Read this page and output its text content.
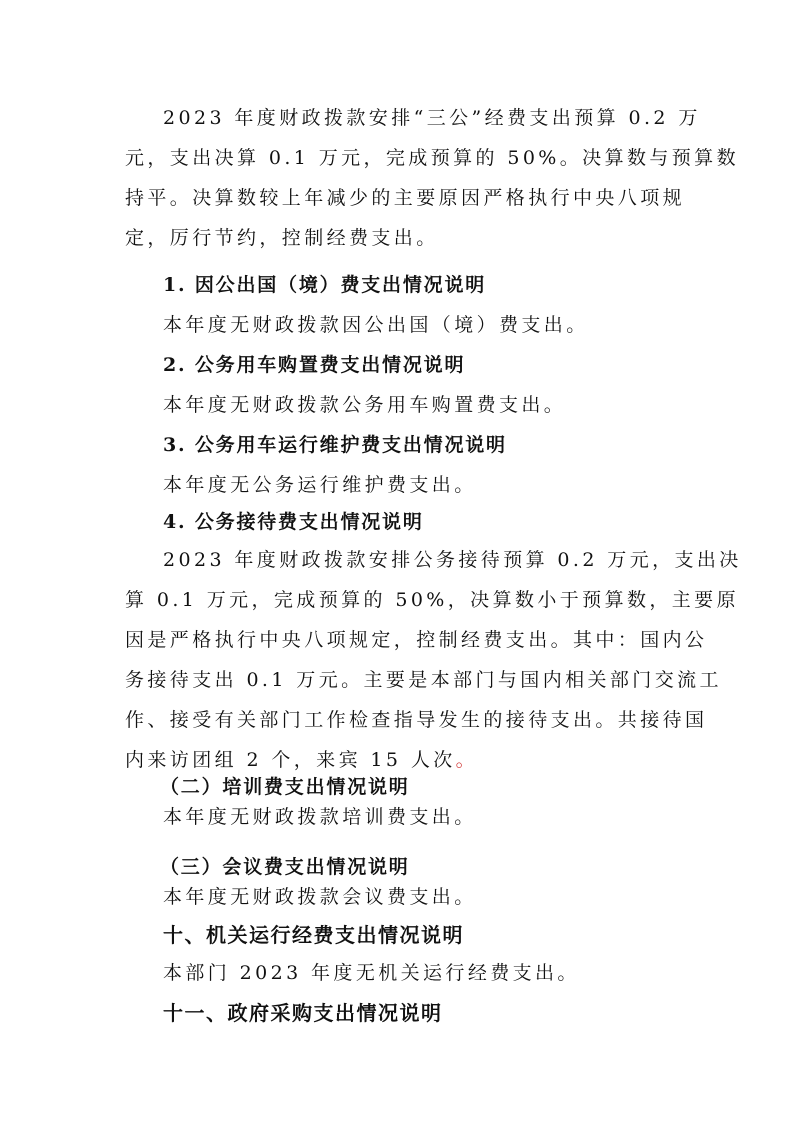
2023 年度财政拨款安排“三公”经费支出预算 0.2 万

元，支出决算 0.1 万元，完成预算的 50%。决算数与预算数

持平。决算数较上年减少的主要原因严格执行中央八项规

定，厉行节约，控制经费支出。

1. 因公出国（境）费支出情况说明

本年度无财政拨款因公出国（境）费支出。

2. 公务用车购置费支出情况说明

本年度无财政拨款公务用车购置费支出。

3. 公务用车运行维护费支出情况说明

本年度无公务运行维护费支出。

4. 公务接待费支出情况说明

2023 年度财政拨款安排公务接待预算 0.2 万元，支出决

算 0.1 万元，完成预算的 50%，决算数小于预算数，主要原

因是严格执行中央八项规定，控制经费支出。其中：国内公

务接待支出 0.1 万元。主要是本部门与国内相关部门交流工

作、接受有关部门工作检查指导发生的接待支出。共接待国

内来访团组 2 个，来宾 15 人次。

（二）培训费支出情况说明

本年度无财政拨款培训费支出。

（三）会议费支出情况说明

本年度无财政拨款会议费支出。

十、机关运行经费支出情况说明

本部门 2023 年度无机关运行经费支出。

十一、政府采购支出情况说明
